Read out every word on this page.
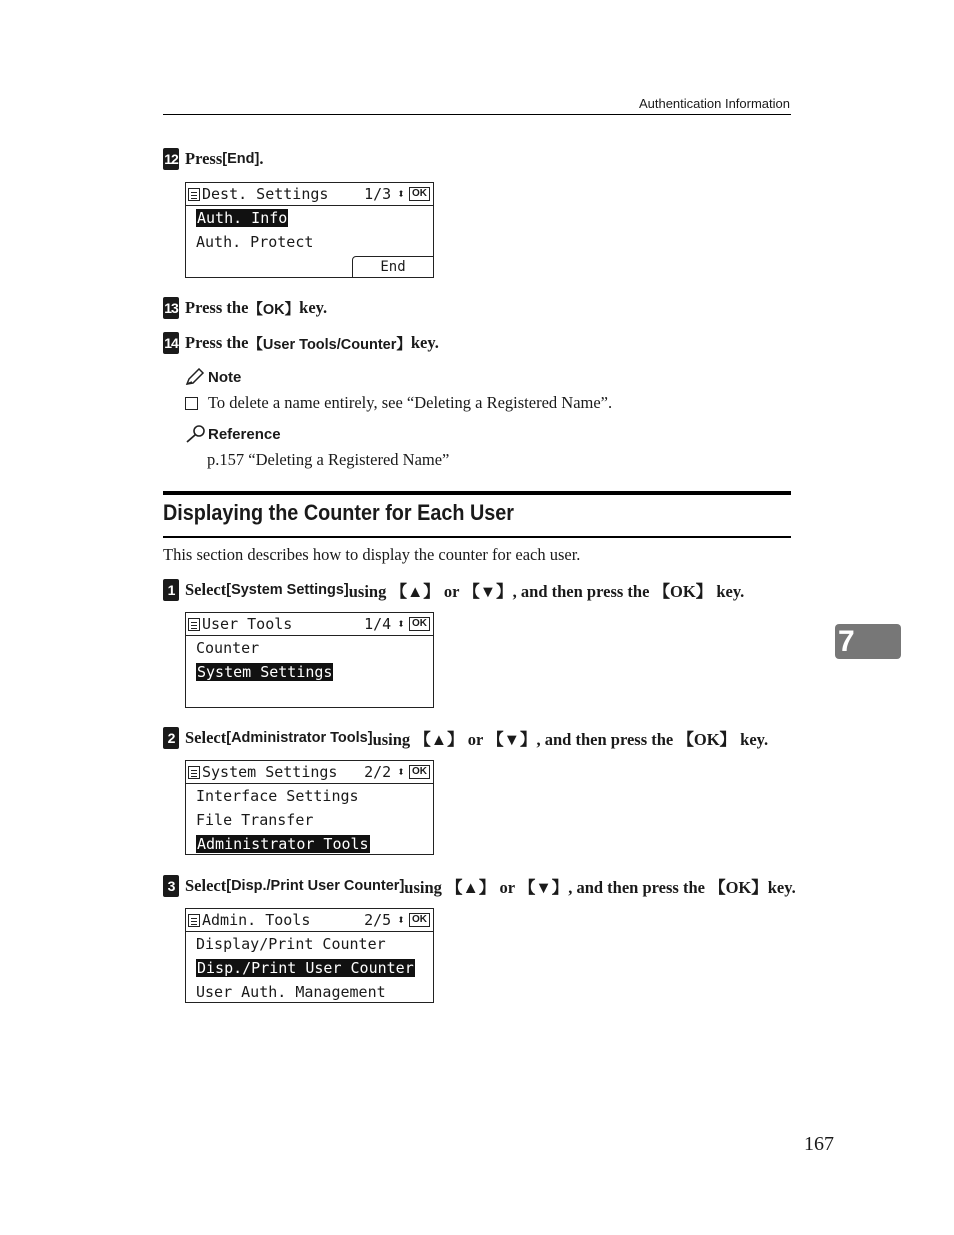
Authentication Information
12 Press [End] .
Dest. Settings	1/3 ⬍ OK
Auth. Info
Auth. Protect
End
13 Press the 【OK】 key.
14 Press the 【User Tools/Counter】 key.
Note
To delete a name entirely, see “Deleting a Registered Name”.
Reference
p.157 “Deleting a Registered Name”
Displaying the Counter for Each User
This section describes how to display the counter for each user.
1 Select [System Settings] using 【▲】 or 【▼】, and then press the 【OK】 key.
User Tools	1/4 ⬍ OK
Counter
System Settings
2 Select [Administrator Tools] using 【▲】 or 【▼】, and then press the 【OK】 key.
System Settings	2/2 ⬍ OK
Interface Settings
File Transfer
Administrator Tools
3 Select [Disp./Print User Counter] using 【▲】 or 【▼】, and then press the 【OK】key.
Admin. Tools	2/5 ⬍ OK
Display/Print Counter
Disp./Print User Counter
User Auth. Management
7
167
